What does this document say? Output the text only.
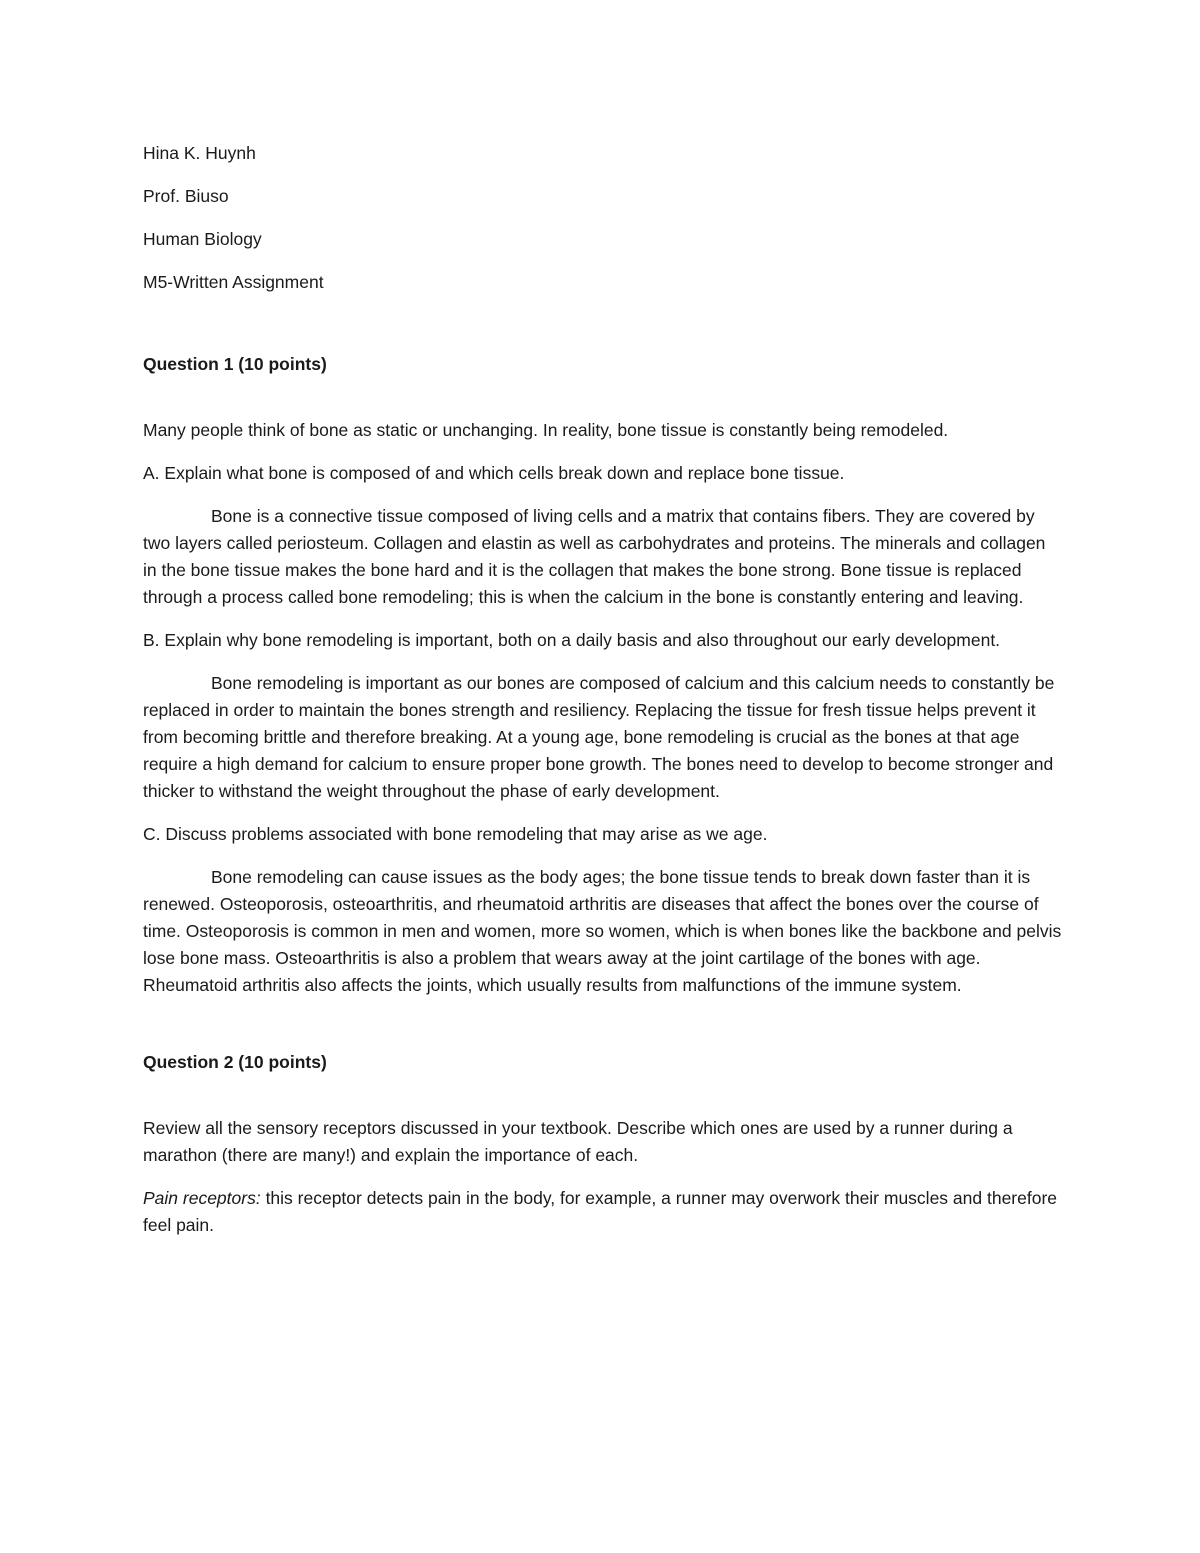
Hina K. Huynh

Prof. Biuso

Human Biology

M5-Written Assignment

Question 1 (10 points)

Many people think of bone as static or unchanging. In reality, bone tissue is constantly being remodeled.

A. Explain what bone is composed of and which cells break down and replace bone tissue.

Bone is a connective tissue composed of living cells and a matrix that contains fibers. They are covered by two layers called periosteum. Collagen and elastin as well as carbohydrates and proteins. The minerals and collagen in the bone tissue makes the bone hard and it is the collagen that makes the bone strong. Bone tissue is replaced through a process called bone remodeling; this is when the calcium in the bone is constantly entering and leaving.

B. Explain why bone remodeling is important, both on a daily basis and also throughout our early development.

Bone remodeling is important as our bones are composed of calcium and this calcium needs to constantly be replaced in order to maintain the bones strength and resiliency. Replacing the tissue for fresh tissue helps prevent it from becoming brittle and therefore breaking. At a young age, bone remodeling is crucial as the bones at that age require a high demand for calcium to ensure proper bone growth. The bones need to develop to become stronger and thicker to withstand the weight throughout the phase of early development.

C. Discuss problems associated with bone remodeling that may arise as we age.

Bone remodeling can cause issues as the body ages; the bone tissue tends to break down faster than it is renewed. Osteoporosis, osteoarthritis, and rheumatoid arthritis are diseases that affect the bones over the course of time. Osteoporosis is common in men and women, more so women, which is when bones like the backbone and pelvis lose bone mass. Osteoarthritis is also a problem that wears away at the joint cartilage of the bones with age. Rheumatoid arthritis also affects the joints, which usually results from malfunctions of the immune system.

Question 2 (10 points)

Review all the sensory receptors discussed in your textbook. Describe which ones are used by a runner during a marathon (there are many!) and explain the importance of each.

Pain receptors: this receptor detects pain in the body, for example, a runner may overwork their muscles and therefore feel pain.
